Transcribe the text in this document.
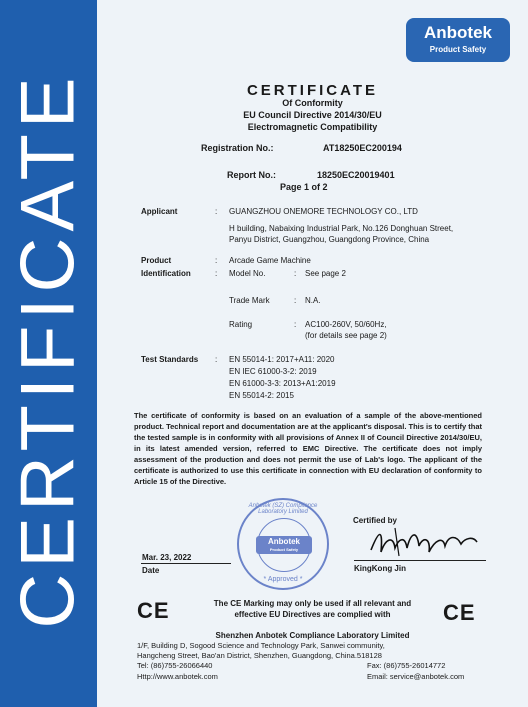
CERTIFICATE
Anbotek
Product Safety
CERTIFICATE
Of Conformity
EU Council Directive 2014/30/EU
Electromagnetic Compatibility
Registration No.:	AT18250EC200194
Report No.:	18250EC20019401
Page 1 of 2
Applicant	: GUANGZHOU ONEMORE TECHNOLOGY CO., LTD
H building, Nabaixing Industrial Park, No.126 Donghuan Street,
Panyu District, Guangzhou, Guangdong Province, China
Product	: Arcade Game Machine
Identification	: Model No.	: See page 2
Trade Mark	: N.A.
Rating	: AC100-260V, 50/60Hz,
(for details see page 2)
Test Standards : EN 55014-1: 2017+A11: 2020
EN IEC 61000-3-2: 2019
EN 61000-3-3: 2013+A1:2019
EN 55014-2: 2015
The certificate of conformity is based on an evaluation of a sample of the above-mentioned product. Technical report and documentation are at the applicant's disposal. This is to certify that the tested sample is in conformity with all provisions of Annex II of Council Directive 2014/30/EU, in its latest amended version, referred to EMC Directive. The certificate does not imply assessment of the production and does not permit the use of Lab's logo. The applicant of the certificate is authorized to use this certificate in connection with EU declaration of conformity to Article 15 of the Directive.
Anbotek (SZ) Compliance Laboratory Limited
Anbotek
Product Safety
* Approved *
Certified by
KingKong Jin
Mar. 23, 2022
Date
CE	CE
The CE Marking may only be used if all relevant and
effective EU Directives are complied with
Shenzhen Anbotek Compliance Laboratory Limited
1/F, Building D, Sogood Science and Technology Park, Sanwei community,
Hangcheng Street, Bao'an District, Shenzhen, Guangdong, China.518128
Tel: (86)755-26066440	Fax: (86)755-26014772
Http://www.anbotek.com	Email: service@anbotek.com
